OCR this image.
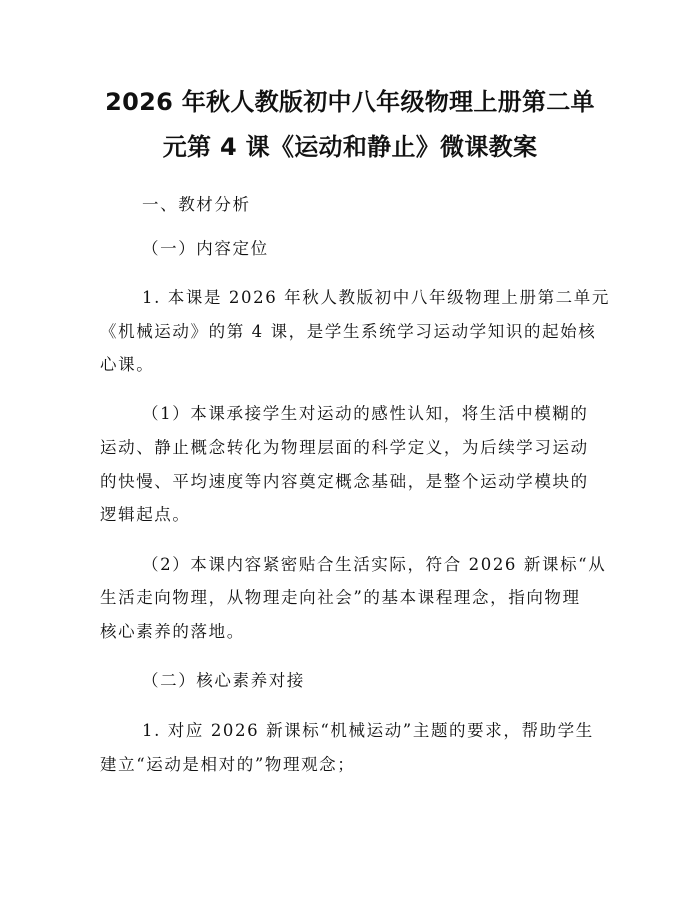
2026 年秋人教版初中八年级物理上册第二单
元第 4 课《运动和静止》微课教案

一、教材分析

（一）内容定位

1. 本课是 2026 年秋人教版初中八年级物理上册第二单元

《机械运动》的第 4 课，是学生系统学习运动学知识的起始核

心课。

（1）本课承接学生对运动的感性认知，将生活中模糊的

运动、静止概念转化为物理层面的科学定义，为后续学习运动

的快慢、平均速度等内容奠定概念基础，是整个运动学模块的

逻辑起点。

（2）本课内容紧密贴合生活实际，符合 2026 新课标“从

生活走向物理，从物理走向社会”的基本课程理念，指向物理

核心素养的落地。

（二）核心素养对接

1. 对应 2026 新课标“机械运动”主题的要求，帮助学生

建立“运动是相对的”物理观念；
